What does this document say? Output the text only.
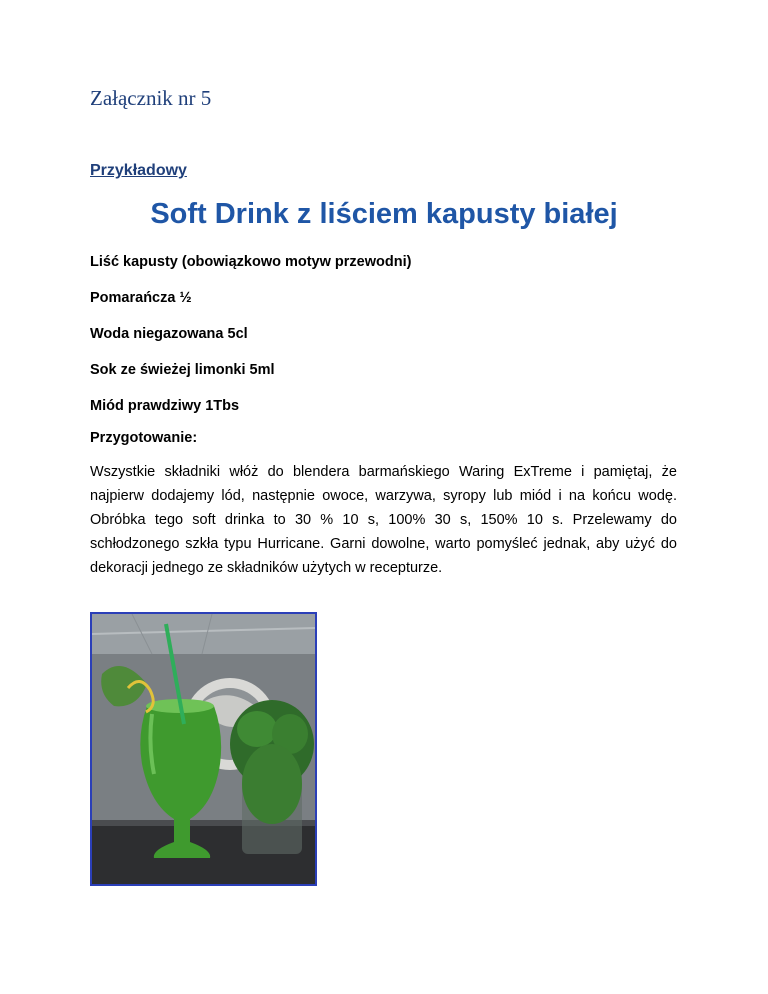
Załącznik nr 5

Przykładowy

Soft Drink z liściem kapusty białej
Liść kapusty (obowiązkowo motyw przewodni)
Pomarańcza ½
Woda niegazowana 5cl
Sok ze świeżej limonki 5ml
Miód prawdziwy 1Tbs

Przygotowanie:

Wszystkie składniki włóż do blendera barmańskiego Waring ExTreme i pamiętaj, że najpierw dodajemy lód, następnie owoce, warzywa, syropy lub miód i na końcu wodę. Obróbka tego soft drinka to 30 % 10 s, 100% 30 s, 150% 10 s. Przelewamy do schłodzonego szkła typu Hurricane. Garni dowolne, warto pomyśleć jednak, aby użyć do dekoracji jednego ze składników użytych w recepturze.
